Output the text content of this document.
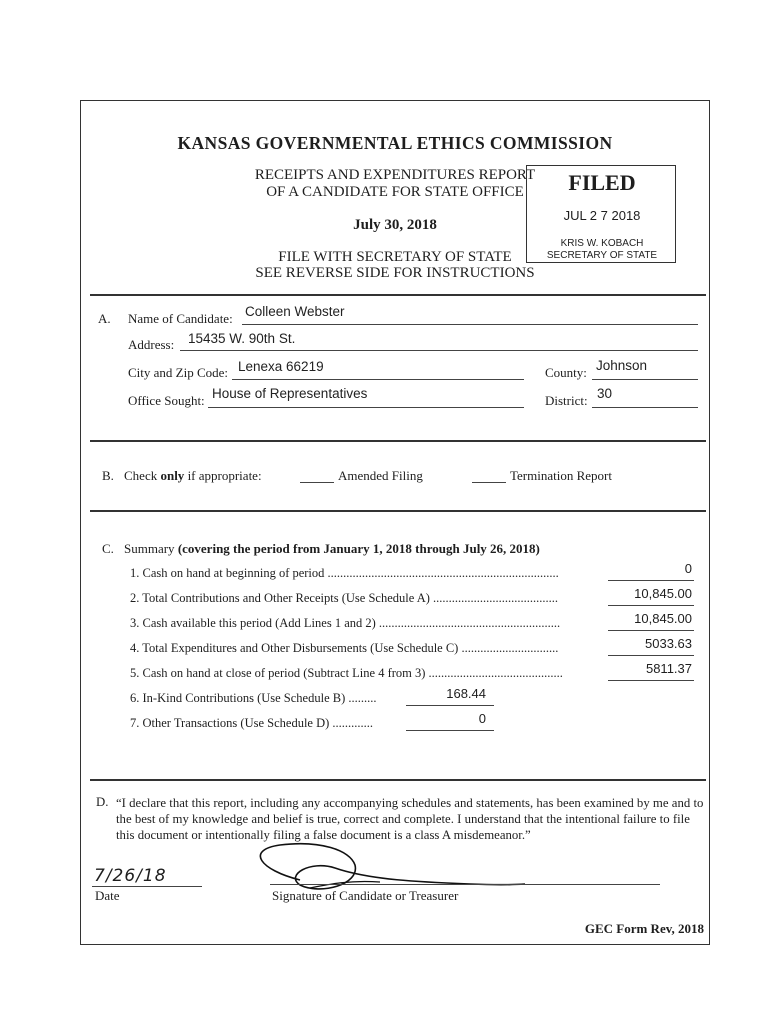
KANSAS GOVERNMENTAL ETHICS COMMISSION
RECEIPTS AND EXPENDITURES REPORT
OF A CANDIDATE FOR STATE OFFICE
July 30, 2018
FILE WITH SECRETARY OF STATE
SEE REVERSE SIDE FOR INSTRUCTIONS
FILED
JUL 2 7 2018
KRIS W. KOBACH
SECRETARY OF STATE
A. Name of Candidate: Colleen Webster
Address: 15435 W. 90th St.
City and Zip Code: Lenexa 66219	County: Johnson
Office Sought: House of Representatives	District: 30
B. Check only if appropriate:	Amended Filing	Termination Report
C. Summary (covering the period from January 1, 2018 through July 26, 2018)
1. Cash on hand at beginning of period ..........................................................................	0
2. Total Contributions and Other Receipts (Use Schedule A) ........................................	10,845.00
3. Cash available this period (Add Lines 1 and 2) ..........................................................	10,845.00
4. Total Expenditures and Other Disbursements (Use Schedule C) ...............................	5033.63
5. Cash on hand at close of period (Subtract Line 4 from 3) ...........................................	5811.37
6. In-Kind Contributions (Use Schedule B) .........	168.44
7. Other Transactions (Use Schedule D) .............	0
D. “I declare that this report, including any accompanying schedules and statements, has been examined by me and to the best of my knowledge and belief is true, correct and complete. I understand that the intentional failure to file this document or intentionally filing a false document is a class A misdemeanor.”
7/26/18
Date	Signature of Candidate or Treasurer
GEC Form Rev, 2018
